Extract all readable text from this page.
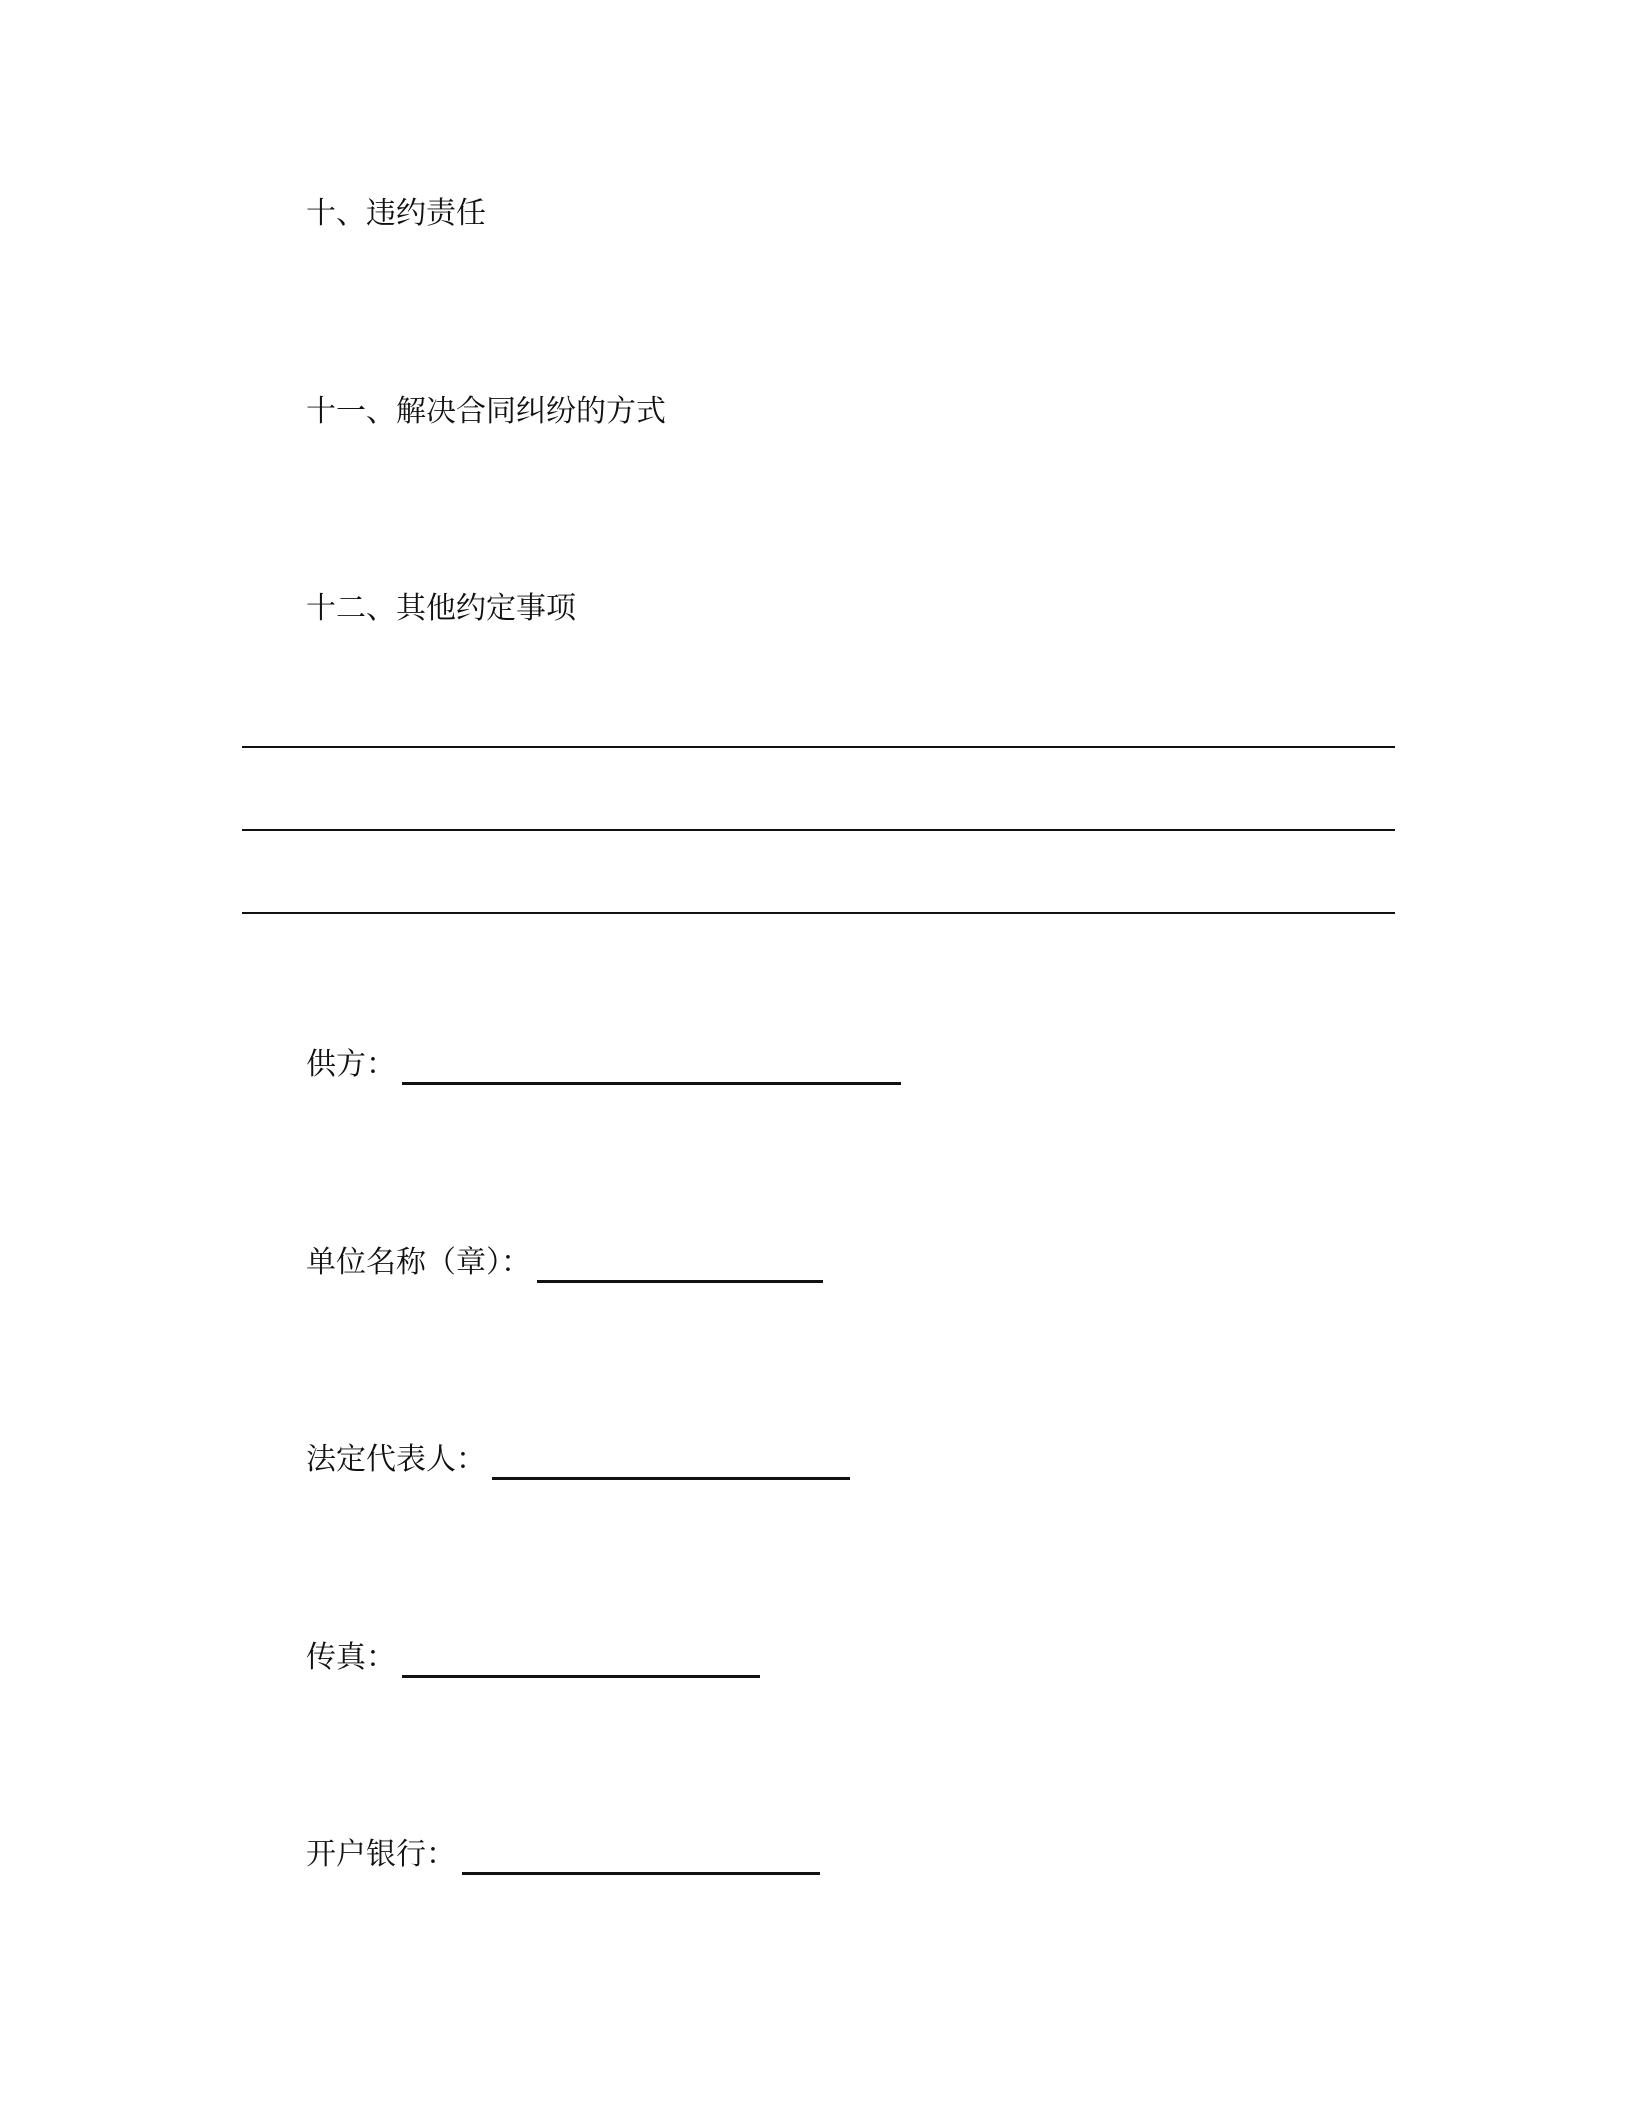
十、违约责任
十一、解决合同纠纷的方式
十二、其他约定事项
供方：
单位名称（章）：
法定代表人：
传真：
开户银行：
